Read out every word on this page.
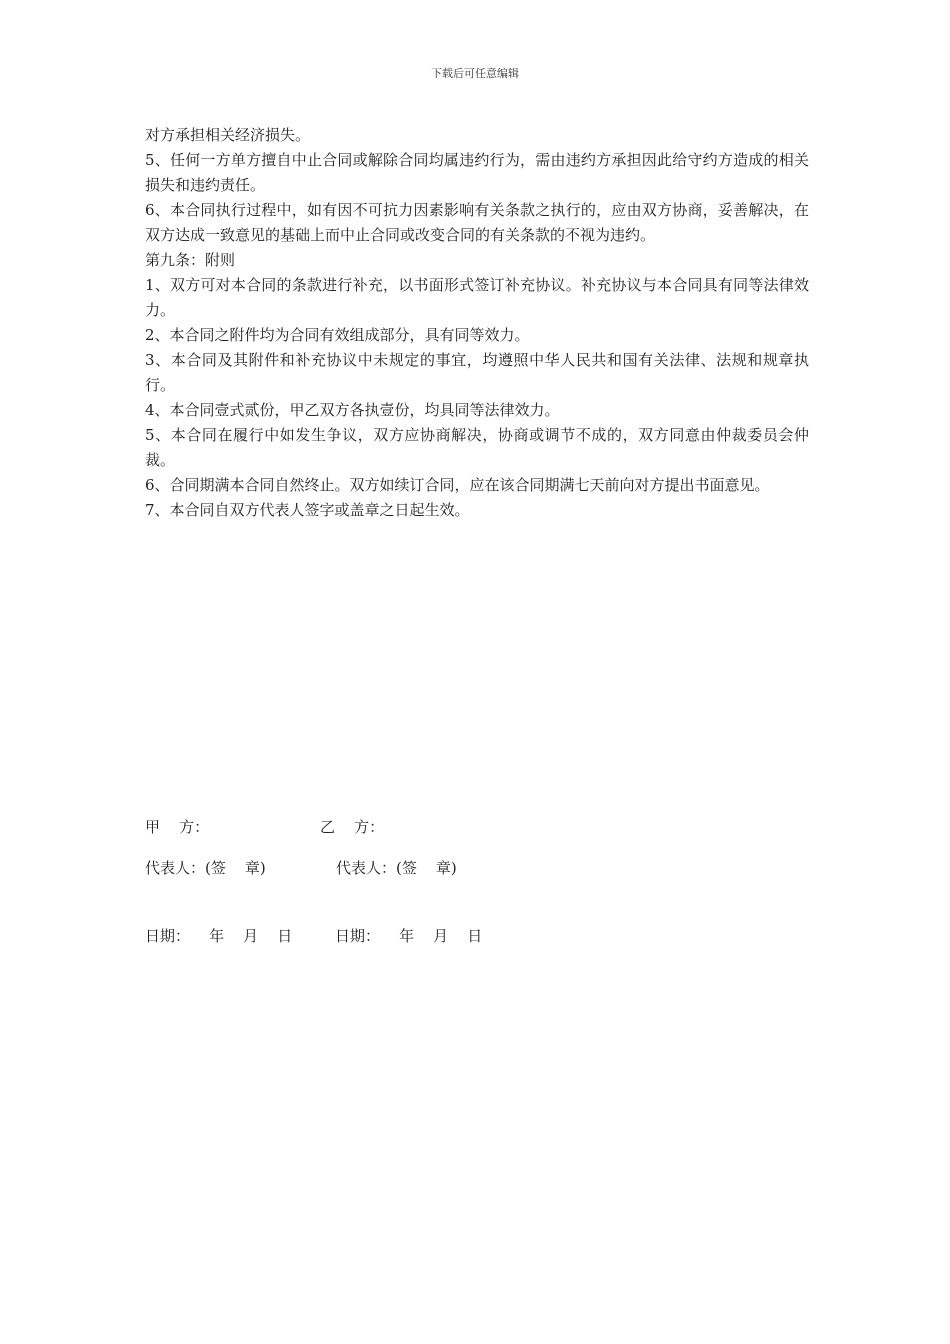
下载后可任意编辑

对方承担相关经济损失。

5、任何一方单方擅自中止合同或解除合同均属违约行为，需由违约方承担因此给守约方造成的相关损失和违约责任。

6、本合同执行过程中，如有因不可抗力因素影响有关条款之执行的，应由双方协商，妥善解决，在双方达成一致意见的基础上而中止合同或改变合同的有关条款的不视为违约。

第九条：附则

1、双方可对本合同的条款进行补充，以书面形式签订补充协议。补充协议与本合同具有同等法律效力。

2、本合同之附件均为合同有效组成部分，具有同等效力。

3、本合同及其附件和补充协议中未规定的事宜，均遵照中华人民共和国有关法律、法规和规章执行。

4、本合同壹式贰份，甲乙双方各执壹份，均具同等法律效力。

5、本合同在履行中如发生争议，双方应协商解决，协商或调节不成的，双方同意由仲裁委员会仲裁。

6、合同期满本合同自然终止。双方如续订合同，应在该合同期满七天前向对方提出书面意见。

7、本合同自双方代表人签字或盖章之日起生效。

甲    方：	乙    方：
代表人：(签    章)	代表人：(签    章)
日期：    年    月    日	日期：    年    月    日
